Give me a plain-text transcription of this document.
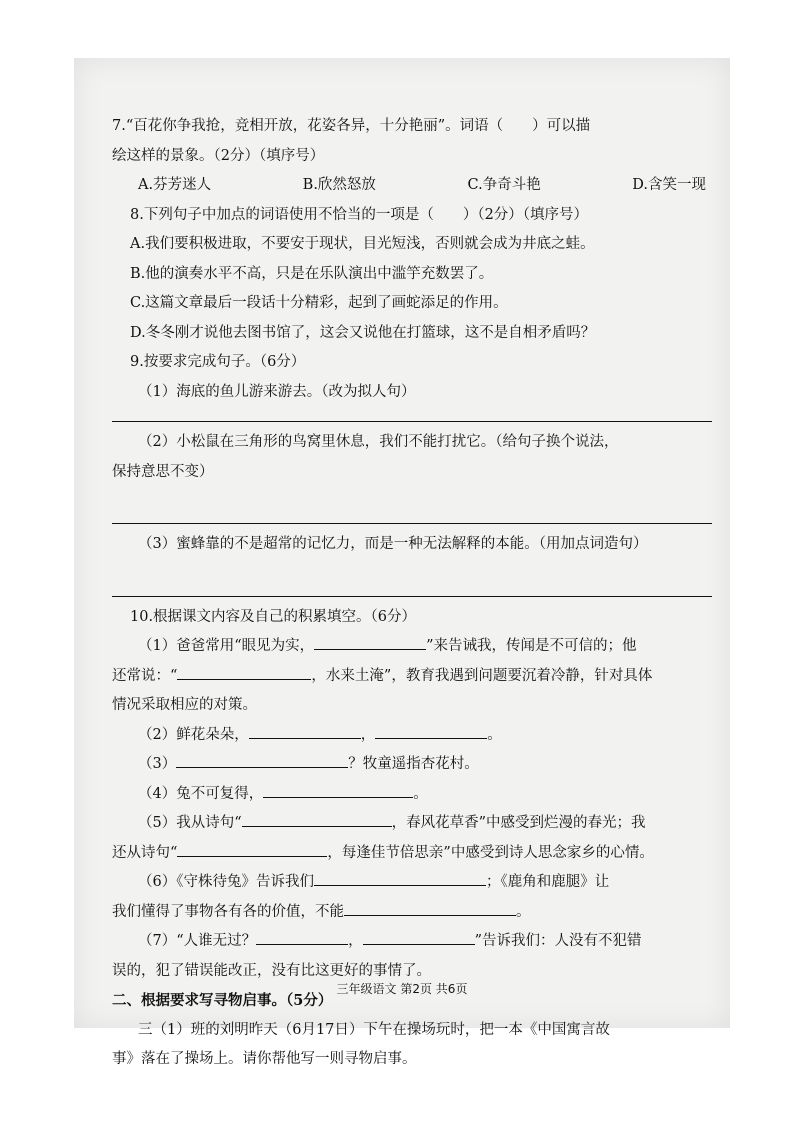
7.“百花你争我抢，竞相开放，花姿各异，十分艳丽”。词语（　　）可以描

绘这样的景象。（2分）（填序号）

A.芬芳迷人	B.欣然怒放	C.争奇斗艳	D.含笑一现

8.下列句子中加点的词语使用不恰当的一项是（　　）（2分）（填序号）

A.我们要积极进取，不要安于现状，目光短浅，否则就会成为井底之蛙。

B.他的演奏水平不高，只是在乐队演出中滥竽充数罢了。

C.这篇文章最后一段话十分精彩，起到了画蛇添足的作用。

D.冬冬刚才说他去图书馆了，这会又说他在打篮球，这不是自相矛盾吗？

9.按要求完成句子。（6分）

（1）海底的鱼儿游来游去。（改为拟人句）

（2）小松鼠在三角形的鸟窝里休息，我们不能打扰它。（给句子换个说法，

保持意思不变）

（3）蜜蜂靠的不是超常的记忆力，而是一种无法解释的本能。（用加点词造句）

10.根据课文内容及自己的积累填空。（6分）

（1）爸爸常用“眼见为实，	”来告诫我，传闻是不可信的；他

还常说：“	，水来土淹”，教育我遇到问题要沉着冷静，针对具体

情况采取相应的对策。

（2）鲜花朵朵，	，	。

（3）	？牧童遥指杏花村。

（4）兔不可复得，	。

（5）我从诗句“	，春风花草香”中感受到烂漫的春光；我

还从诗句“	，每逢佳节倍思亲”中感受到诗人思念家乡的心情。

（6）《守株待兔》告诉我们	；《鹿角和鹿腿》让

我们懂得了事物各有各的价值，不能	。

（7）“人谁无过？	，	”告诉我们：人没有不犯错

误的，犯了错误能改正，没有比这更好的事情了。

二、根据要求写寻物启事。（5分）

三（1）班的刘明昨天（6月17日）下午在操场玩时，把一本《中国寓言故

事》落在了操场上。请你帮他写一则寻物启事。

三年级语文 第2页 共6页
